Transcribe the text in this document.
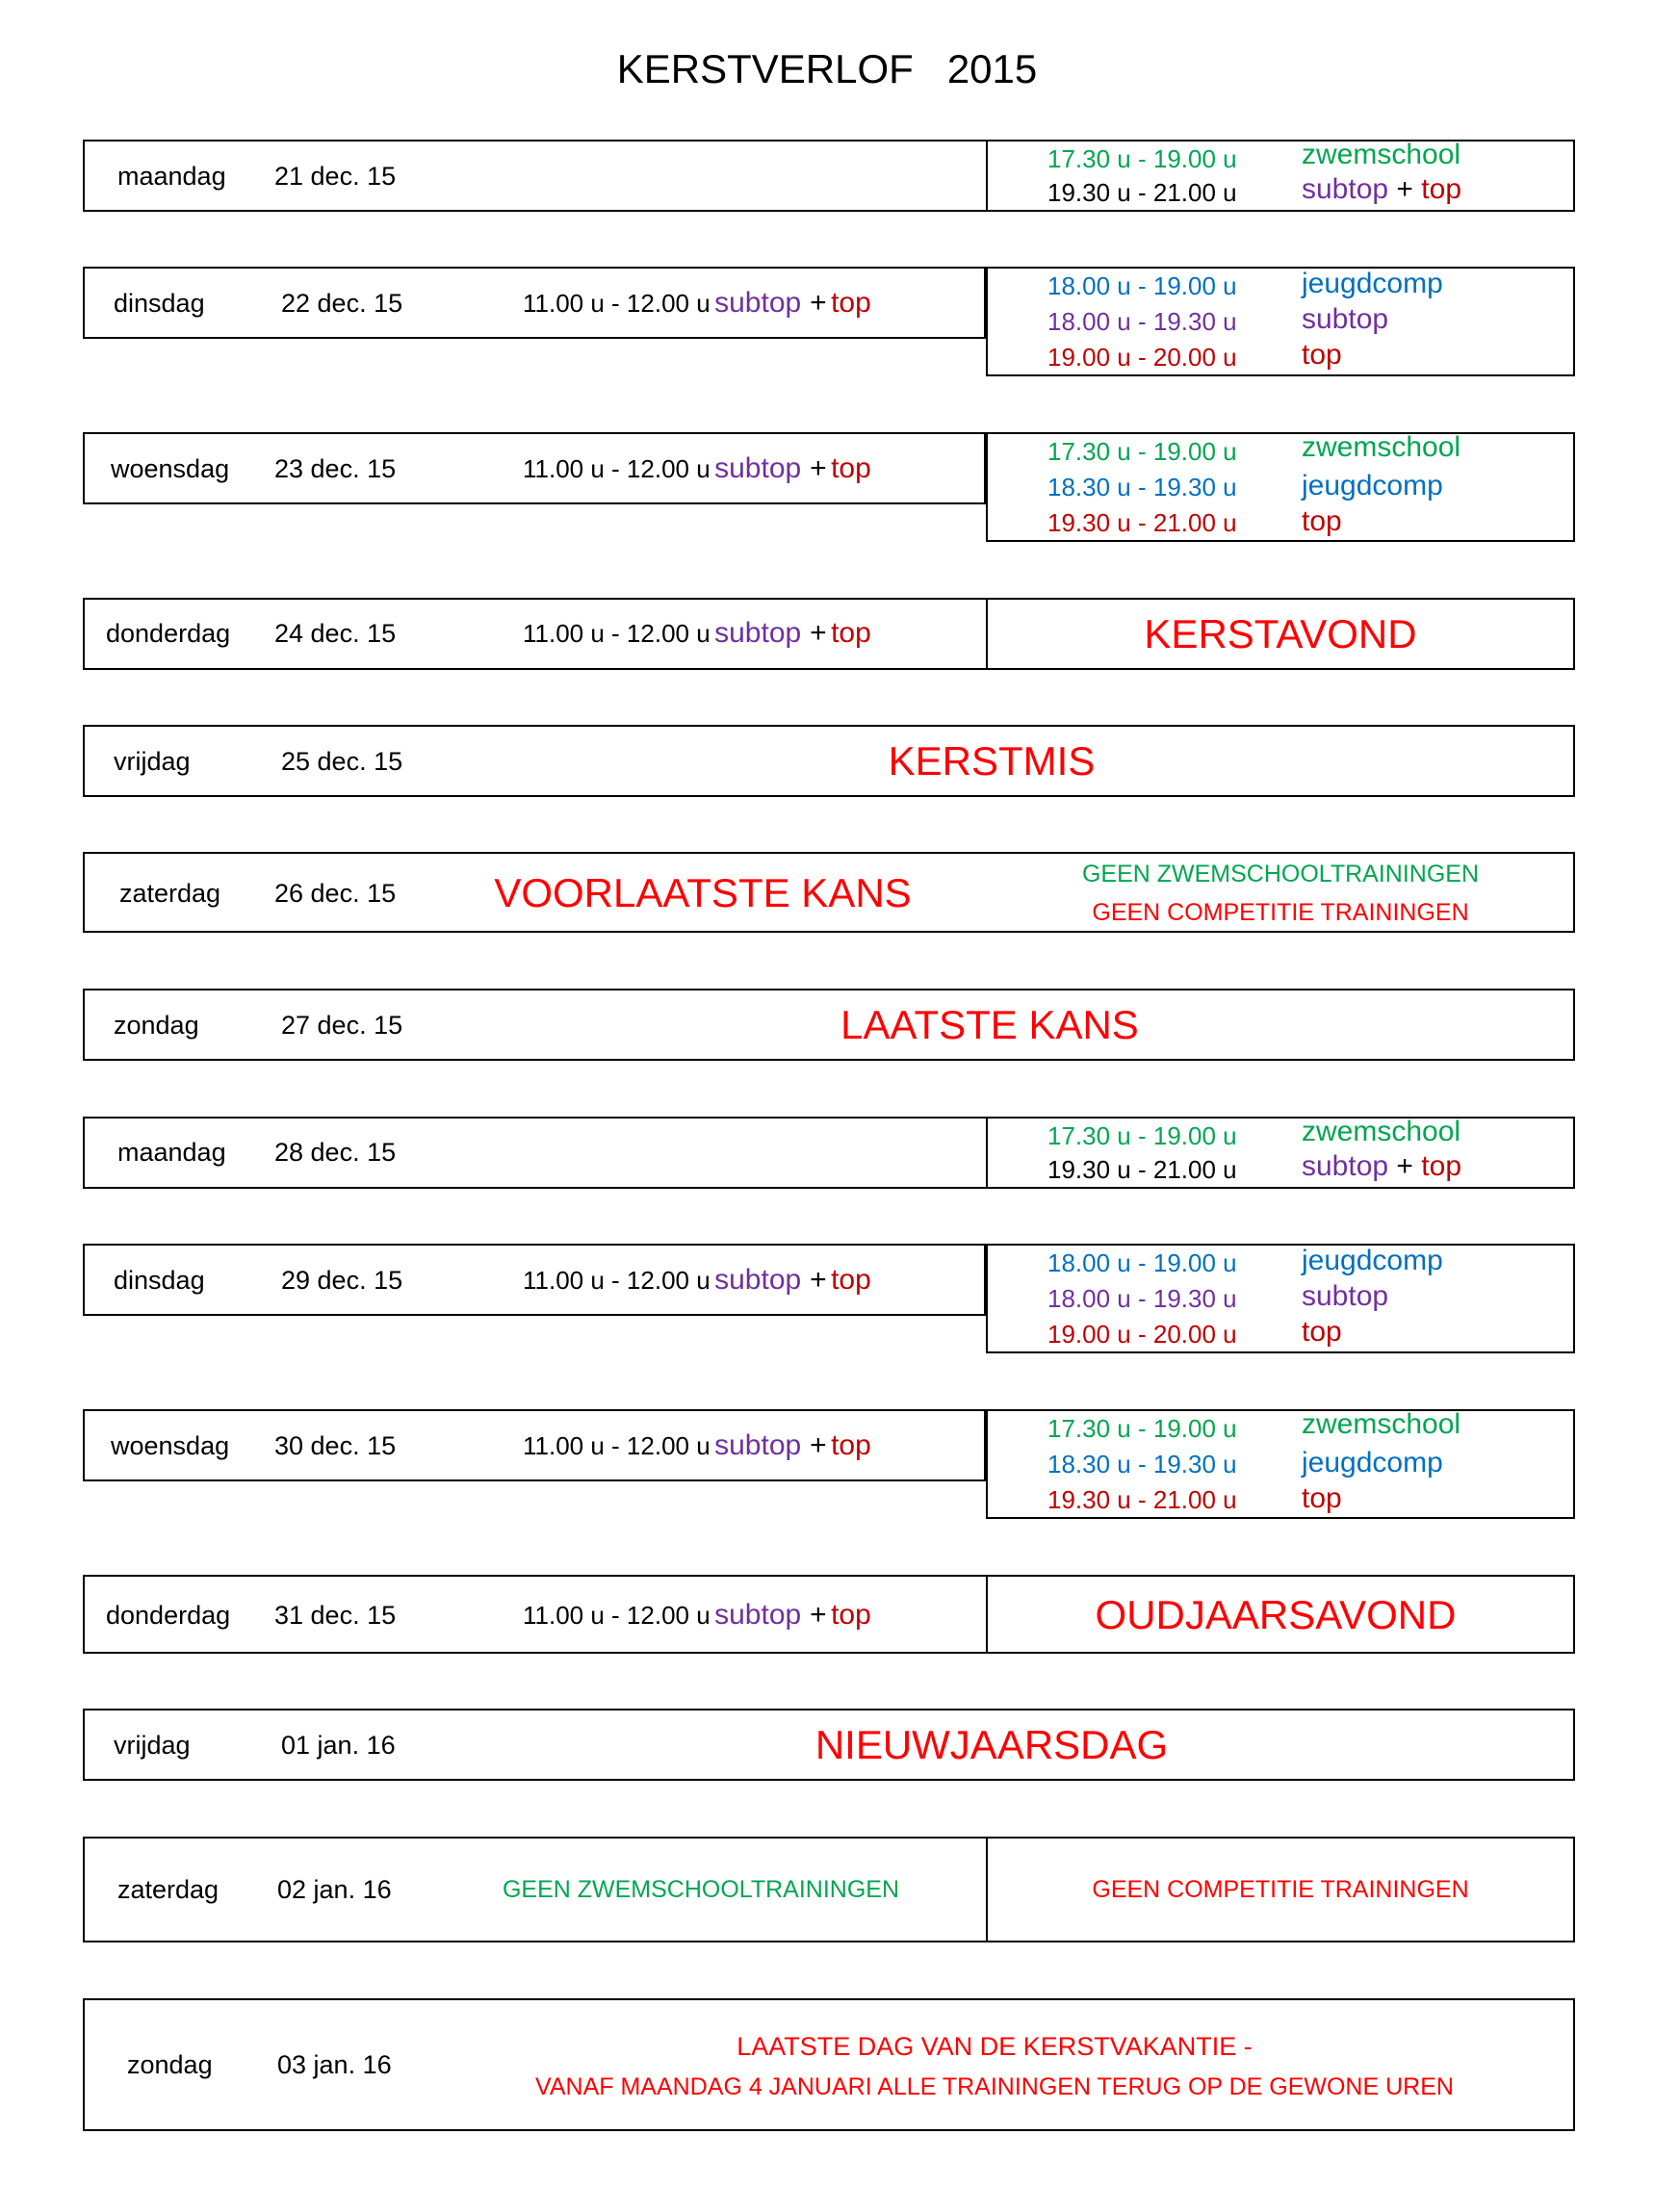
KERSTVERLOF 2015
maandag 21 dec. 15
17.30 u - 19.00 u zwemschool
19.30 u - 21.00 u subtop + top
dinsdag	22 dec. 15	11.00 u - 12.00 u subtop + top
18.00 u - 19.00 u jeugdcomp
18.00 u - 19.30 u subtop
19.00 u - 20.00 u top
woensdag 23 dec. 15	11.00 u - 12.00 u subtop + top
17.30 u - 19.00 u zwemschool
18.30 u - 19.30 u jeugdcomp
19.30 u - 21.00 u top
donderdag 24 dec. 15	11.00 u - 12.00 u subtop + top	KERSTAVOND
vrijdag	25 dec. 15	KERSTMIS
zaterdag 26 dec. 15 VOORLAATSTE KANS	GEEN ZWEMSCHOOLTRAININGEN
GEEN COMPETITIE TRAININGEN
zondag	27 dec. 15	LAATSTE KANS
maandag 28 dec. 15
17.30 u - 19.00 u zwemschool
19.30 u - 21.00 u subtop + top
dinsdag	29 dec. 15	11.00 u - 12.00 u subtop + top
18.00 u - 19.00 u jeugdcomp
18.00 u - 19.30 u subtop
19.00 u - 20.00 u top
woensdag 30 dec. 15	11.00 u - 12.00 u subtop + top
17.30 u - 19.00 u zwemschool
18.30 u - 19.30 u jeugdcomp
19.30 u - 21.00 u top
donderdag 31 dec. 15	11.00 u - 12.00 u subtop + top	OUDJAARSAVOND
vrijdag	01 jan. 16	NIEUWJAARSDAG
zaterdag 02 jan. 16	GEEN ZWEMSCHOOLTRAININGEN	GEEN COMPETITIE TRAININGEN
zondag 03 jan. 16
LAATSTE DAG VAN DE KERSTVAKANTIE -
VANAF MAANDAG 4 JANUARI ALLE TRAININGEN TERUG OP DE GEWONE UREN
